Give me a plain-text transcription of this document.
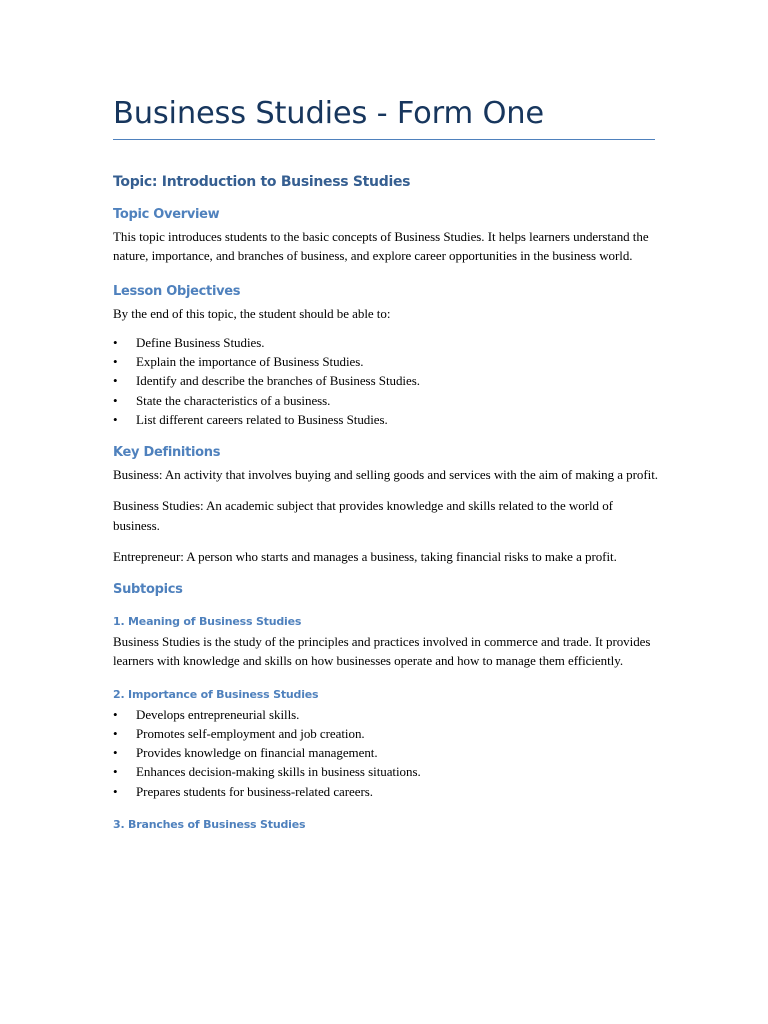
Business Studies - Form One
Topic: Introduction to Business Studies
Topic Overview

This topic introduces students to the basic concepts of Business Studies. It helps learners understand the nature, importance, and branches of business, and explore career opportunities in the business world.

Lesson Objectives

By the end of this topic, the student should be able to:

• Define Business Studies.
• Explain the importance of Business Studies.
• Identify and describe the branches of Business Studies.
• State the characteristics of a business.
• List different careers related to Business Studies.
Key Definitions

Business: An activity that involves buying and selling goods and services with the aim of making a profit.

Business Studies: An academic subject that provides knowledge and skills related to the world of business.

Entrepreneur: A person who starts and manages a business, taking financial risks to make a profit.

Subtopics
1. Meaning of Business Studies

Business Studies is the study of the principles and practices involved in commerce and trade. It provides learners with knowledge and skills on how businesses operate and how to manage them efficiently.

2. Importance of Business Studies
• Develops entrepreneurial skills.
• Promotes self-employment and job creation.
• Provides knowledge on financial management.
• Enhances decision-making skills in business situations.
• Prepares students for business-related careers.
3. Branches of Business Studies
